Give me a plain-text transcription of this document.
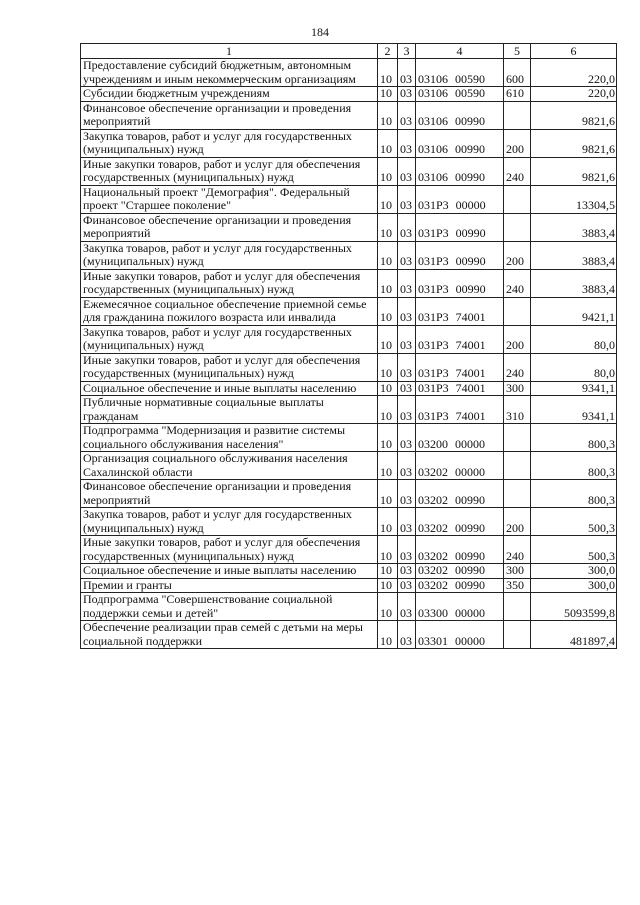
184
1	2	3	4	5	6
Предоставление субсидий бюджетным, автономным учреждениям и иным некоммерческим организациям	10	03	03106 00590	600	220,0
Субсидии бюджетным учреждениям	10	03	03106 00590	610	220,0
Финансовое обеспечение организации и проведения мероприятий	10	03	03106 00990		9821,6
Закупка товаров, работ и услуг для государственных (муниципальных) нужд	10	03	03106 00990	200	9821,6
Иные закупки товаров, работ и услуг для обеспечения государственных (муниципальных) нужд	10	03	03106 00990	240	9821,6
Национальный проект "Демография". Федеральный проект "Старшее поколение"	10	03	031P3 00000		13304,5
Финансовое обеспечение организации и проведения мероприятий	10	03	031P3 00990		3883,4
Закупка товаров, работ и услуг для государственных (муниципальных) нужд	10	03	031P3 00990	200	3883,4
Иные закупки товаров, работ и услуг для обеспечения государственных (муниципальных) нужд	10	03	031P3 00990	240	3883,4
Ежемесячное социальное обеспечение приемной семье для гражданина пожилого возраста или инвалида	10	03	031P3 74001		9421,1
Закупка товаров, работ и услуг для государственных (муниципальных) нужд	10	03	031P3 74001	200	80,0
Иные закупки товаров, работ и услуг для обеспечения государственных (муниципальных) нужд	10	03	031P3 74001	240	80,0
Социальное обеспечение и иные выплаты населению	10	03	031P3 74001	300	9341,1
Публичные нормативные социальные выплаты гражданам	10	03	031P3 74001	310	9341,1
Подпрограмма "Модернизация и развитие системы социального обслуживания населения"	10	03	03200 00000		800,3
Организация социального обслуживания населения Сахалинской области	10	03	03202 00000		800,3
Финансовое обеспечение организации и проведения мероприятий	10	03	03202 00990		800,3
Закупка товаров, работ и услуг для государственных (муниципальных) нужд	10	03	03202 00990	200	500,3
Иные закупки товаров, работ и услуг для обеспечения государственных (муниципальных) нужд	10	03	03202 00990	240	500,3
Социальное обеспечение и иные выплаты населению	10	03	03202 00990	300	300,0
Премии и гранты	10	03	03202 00990	350	300,0
Подпрограмма "Совершенствование социальной поддержки семьи и детей"	10	03	03300 00000		5093599,8
Обеспечение реализации прав семей с детьми на меры социальной поддержки	10	03	03301 00000		481897,4
